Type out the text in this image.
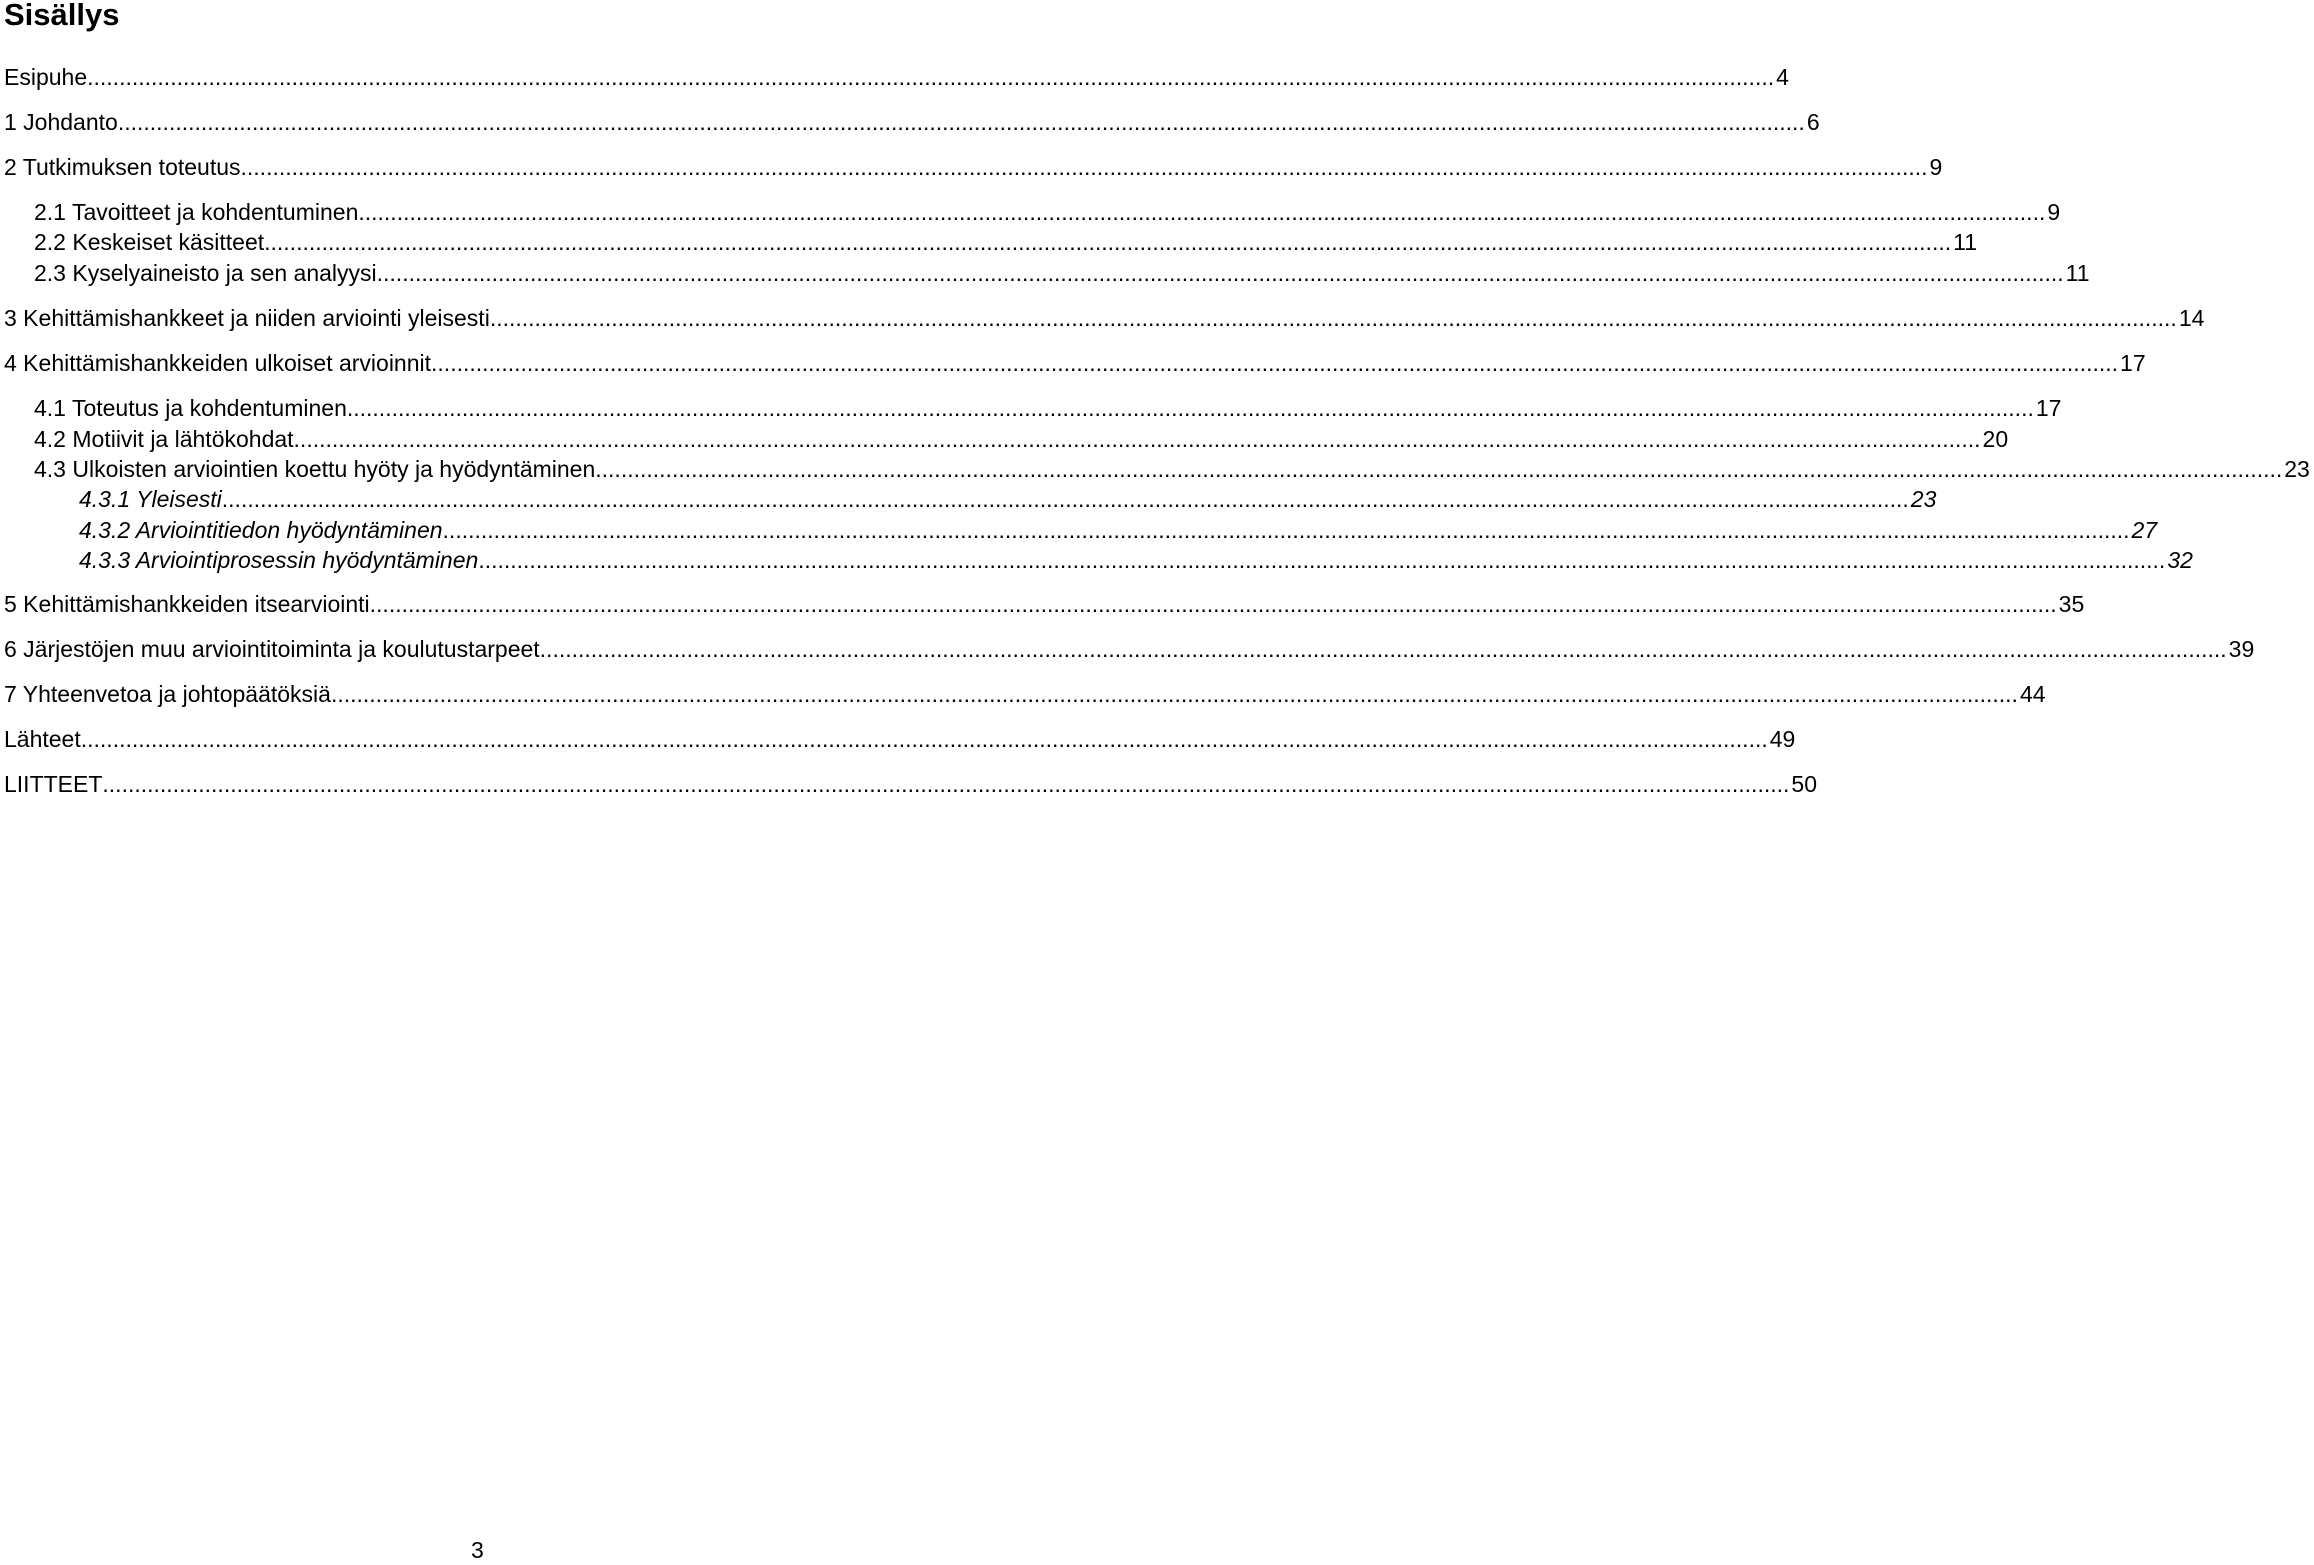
Sisällys
Esipuhe .....	4
1 Johdanto .....	6
2 Tutkimuksen toteutus .....	9
2.1 Tavoitteet ja kohdentuminen .....	9
2.2 Keskeiset käsitteet .....	11
2.3 Kyselyaineisto ja sen analyysi .....	11
3 Kehittämishankkeet ja niiden arviointi yleisesti .....	14
4 Kehittämishankkeiden ulkoiset arvioinnit .....	17
4.1 Toteutus ja kohdentuminen .....	17
4.2 Motiivit ja lähtökohdat .....	20
4.3 Ulkoisten arviointien koettu hyöty ja hyödyntäminen .....	23
4.3.1 Yleisesti .....	23
4.3.2 Arviointitiedon hyödyntäminen .....	27
4.3.3 Arviointiprosessin hyödyntäminen .....	32
5 Kehittämishankkeiden itsearviointi .....	35
6 Järjestöjen muu arviointitoiminta ja koulutustarpeet .....	39
7 Yhteenvetoa ja johtopäätöksiä .....	44
Lähteet .....	49
LIITTEET .....	50
3
